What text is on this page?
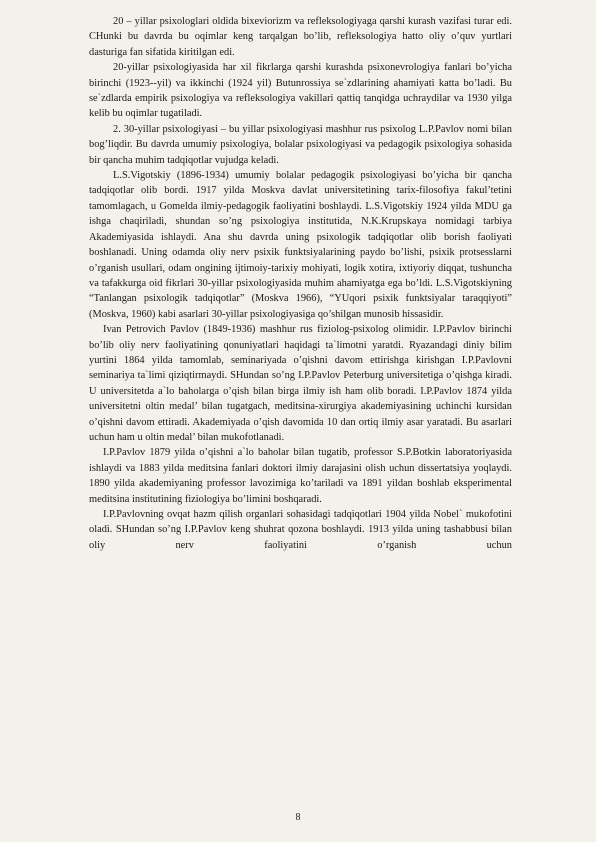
20 – yillar psixologlari oldida bixeviorizm va refleksologiyaga qarshi kurash vazifasi turar edi. CHunki bu davrda bu oqimlar keng tarqalgan bo’lib, refleksologiya hatto oliy o’quv yurtlari dasturiga fan sifatida kiritilgan edi.

20-yillar psixologiyasida har xil fikrlarga qarshi kurashda psixonevrologiya fanlari bo’yicha birinchi (1923--yil) va ikkinchi (1924 yil) Butunrossiya se`zdlarining ahamiyati katta bo’ladi. Bu se`zdlarda empirik psixologiya va refleksologiya vakillari qattiq tanqidga uchraydilar va 1930 yilga kelib bu oqimlar tugatiladi.

2. 30-yillar psixologiyasi – bu yillar psixologiyasi mashhur rus psixolog L.P.Pavlov nomi bilan bog’liqdir. Bu davrda umumiy psixologiya, bolalar psixologiyasi va pedagogik psixologiya sohasida bir qancha muhim tadqiqotlar vujudga keladi.

L.S.Vigotskiy (1896-1934) umumiy bolalar pedagogik psixologiyasi bo’yicha bir qancha tadqiqotlar olib bordi. 1917 yilda Moskva davlat universitetining tarix-filosofiya fakul’tetini tamomlagach, u Gomelda ilmiy-pedagogik faoliyatini boshlaydi. L.S.Vigotskiy 1924 yilda MDU ga ishga chaqiriladi, shundan so’ng psixologiya institutida, N.K.Krupskaya nomidagi tarbiya Akademiyasida ishlaydi. Ana shu davrda uning psixologik tadqiqotlar olib borish faoliyati boshlanadi. Uning odamda oliy nerv psixik funktsiyalarining paydo bo’lishi, psixik protsesslarni o’rganish usullari, odam ongining ijtimoiy-tarixiy mohiyati, logik xotira, ixtiyoriy diqqat, tushuncha va tafakkurga oid fikrlari 30-yillar psixologiyasida muhim ahamiyatga ega bo’ldi. L.S.Vigotskiyning “Tanlangan psixologik tadqiqotlar” (Moskva 1966), “YUqori psixik funktsiyalar taraqqiyoti” (Moskva, 1960) kabi asarlari 30-yillar psixologiyasiga qo’shilgan munosib hissasidir.

Ivan Petrovich Pavlov (1849-1936) mashhur rus fiziolog-psixolog olimidir. I.P.Pavlov birinchi bo’lib oliy nerv faoliyatining qonuniyatlari haqidagi ta`limotni yaratdi. Ryazandagi diniy bilim yurtini 1864 yilda tamomlab, seminariyada o’qishni davom ettirishga kirishgan I.P.Pavlovni seminariya ta`limi qiziqtirmaydi. SHundan so’ng I.P.Pavlov Peterburg universitetiga o’qishga kiradi. U universitetda a`lo baholarga o’qish bilan birga ilmiy ish ham olib boradi. I.P.Pavlov 1874 yilda universitetni oltin medal’ bilan tugatgach, meditsina-xirurgiya akademiyasining uchinchi kursidan o’qishni davom ettiradi. Akademiyada o’qish davomida 10 dan ortiq ilmiy asar yaratadi. Bu asarlari uchun ham u oltin medal’ bilan mukofotlanadi.

I.P.Pavlov 1879 yilda o’qishni a`lo baholar bilan tugatib, professor S.P.Botkin laboratoriyasida ishlaydi va 1883 yilda meditsina fanlari doktori ilmiy darajasini olish uchun dissertatsiya yoqlaydi. 1890 yilda akademiyaning professor lavozimiga ko’tariladi va 1891 yildan boshlab eksperimental meditsina institutining fiziologiya bo’limini boshqaradi.

I.P.Pavlovning ovqat hazm qilish organlari sohasidagi tadqiqotlari 1904 yilda Nobel` mukofotini oladi. SHundan so’ng I.P.Pavlov keng shuhrat qozona boshlaydi. 1913 yilda uning tashabbusi bilan oliy nerv faoliyatini o’rganish uchun

8
